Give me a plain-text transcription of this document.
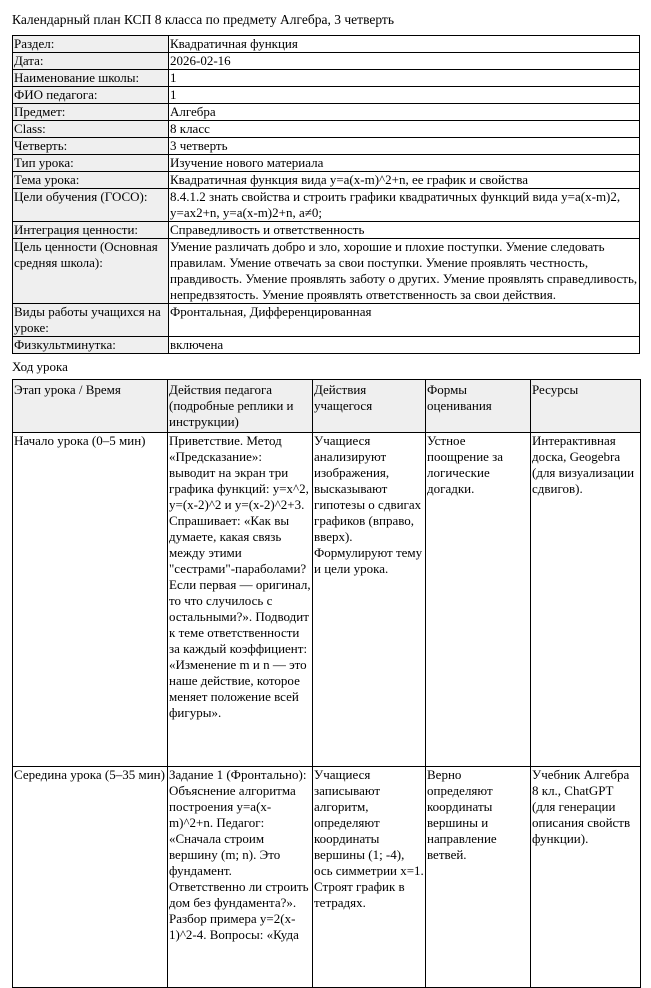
Календарный план КСП 8 класса по предмету Алгебра, 3 четверть
Раздел:	Квадратичная функция
Дата:	2026-02-16
Наименование школы:	1
ФИО педагога:	1
Предмет:	Алгебра
Class:	8 класс
Четверть:	3 четверть
Тип урока:	Изучение нового материала
Тема урока:	Квадратичная функция вида y=a(x-m)^2+n, ее график и свойства
Цели обучения (ГОСО):	8.4.1.2 знать свойства и строить графики квадратичных функций вида y=a(x-m)2, y=ax2+n, y=a(x-m)2+n, a≠0;
Интеграция ценности:	Справедливость и ответственность
Цель ценности (Основная средняя школа):	Умение различать добро и зло, хорошие и плохие поступки. Умение следовать правилам. Умение отвечать за свои поступки. Умение проявлять честность, правдивость. Умение проявлять заботу о других. Умение проявлять справедливость, непредвзятость. Умение проявлять ответственность за свои действия.
Виды работы учащихся на уроке:	Фронтальная, Дифференцированная
Физкультминутка:	включена
Ход урока
Этап урока / Время	Действия педагога (подробные реплики и инструкции)	Действия учащегося	Формы оценивания	Ресурсы
Начало урока (0–5 мин)	Приветствие. Метод «Предсказание»: выводит на экран три графика функций: y=x^2, y=(x-2)^2 и y=(x-2)^2+3. Спрашивает: «Как вы думаете, какая связь между этими "сестрами"-параболами? Если первая — оригинал, то что случилось с остальными?». Подводит к теме ответственности за каждый коэффициент: «Изменение m и n — это наше действие, которое меняет положение всей фигуры».	Учащиеся анализируют изображения, высказывают гипотезы о сдвигах графиков (вправо, вверх). Формулируют тему и цели урока.	Устное поощрение за логические догадки.	Интерактивная доска, Geogebra (для визуализации сдвигов).
Середина урока (5–35 мин)	Задание 1 (Фронтально): Объяснение алгоритма построения y=a(x-m)^2+n. Педагог: «Сначала строим вершину (m; n). Это фундамент. Ответственно ли строить дом без фундамента?». Разбор примера y=2(x-1)^2-4. Вопросы: «Куда	Учащиеся записывают алгоритм, определяют координаты вершины (1; -4), ось симметрии x=1. Строят график в тетрадях.	Верно определяют координаты вершины и направление ветвей.	Учебник Алгебра 8 кл., ChatGPT (для генерации описания свойств функции).
